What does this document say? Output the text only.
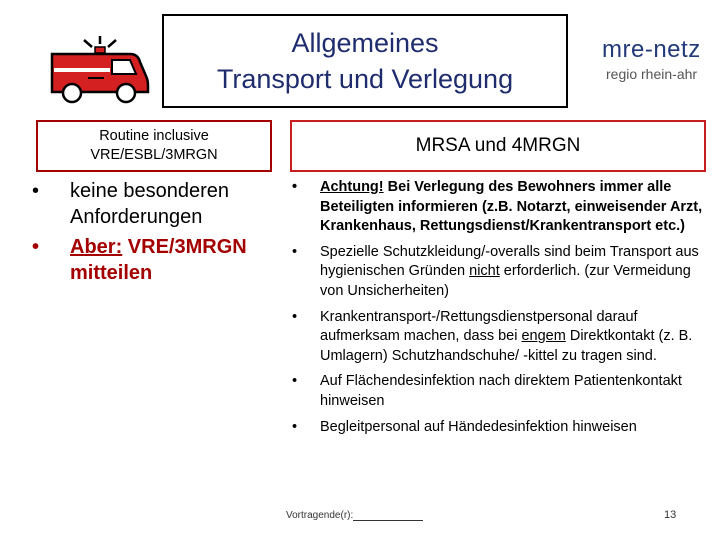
Allgemeines
Transport und Verlegung
mre-netz
regio rhein-ahr
Routine inclusive
VRE/ESBL/3MRGN	MRSA und 4MRGN
• keine besonderen
Anforderungen
• Aber: VRE/3MRGN
mitteilen
• Achtung! Bei Verlegung des Bewohners immer alle Beteiligten informieren (z.B. Notarzt, einweisender Arzt, Krankenhaus, Rettungsdienst/Krankentransport etc.)
• Spezielle Schutzkleidung/-overalls sind beim Transport aus hygienischen Gründen nicht erforderlich. (zur Vermeidung von Unsicherheiten)
• Krankentransport-/Rettungsdienstpersonal darauf aufmerksam machen, dass bei engem Direktkontakt (z. B. Umlagern) Schutzhandschuhe/ -kittel zu tragen sind.
• Auf Flächendesinfektion nach direktem Patientenkontakt hinweisen
• Begleitpersonal auf Händedesinfektion hinweisen
Vortragende(r):	13
